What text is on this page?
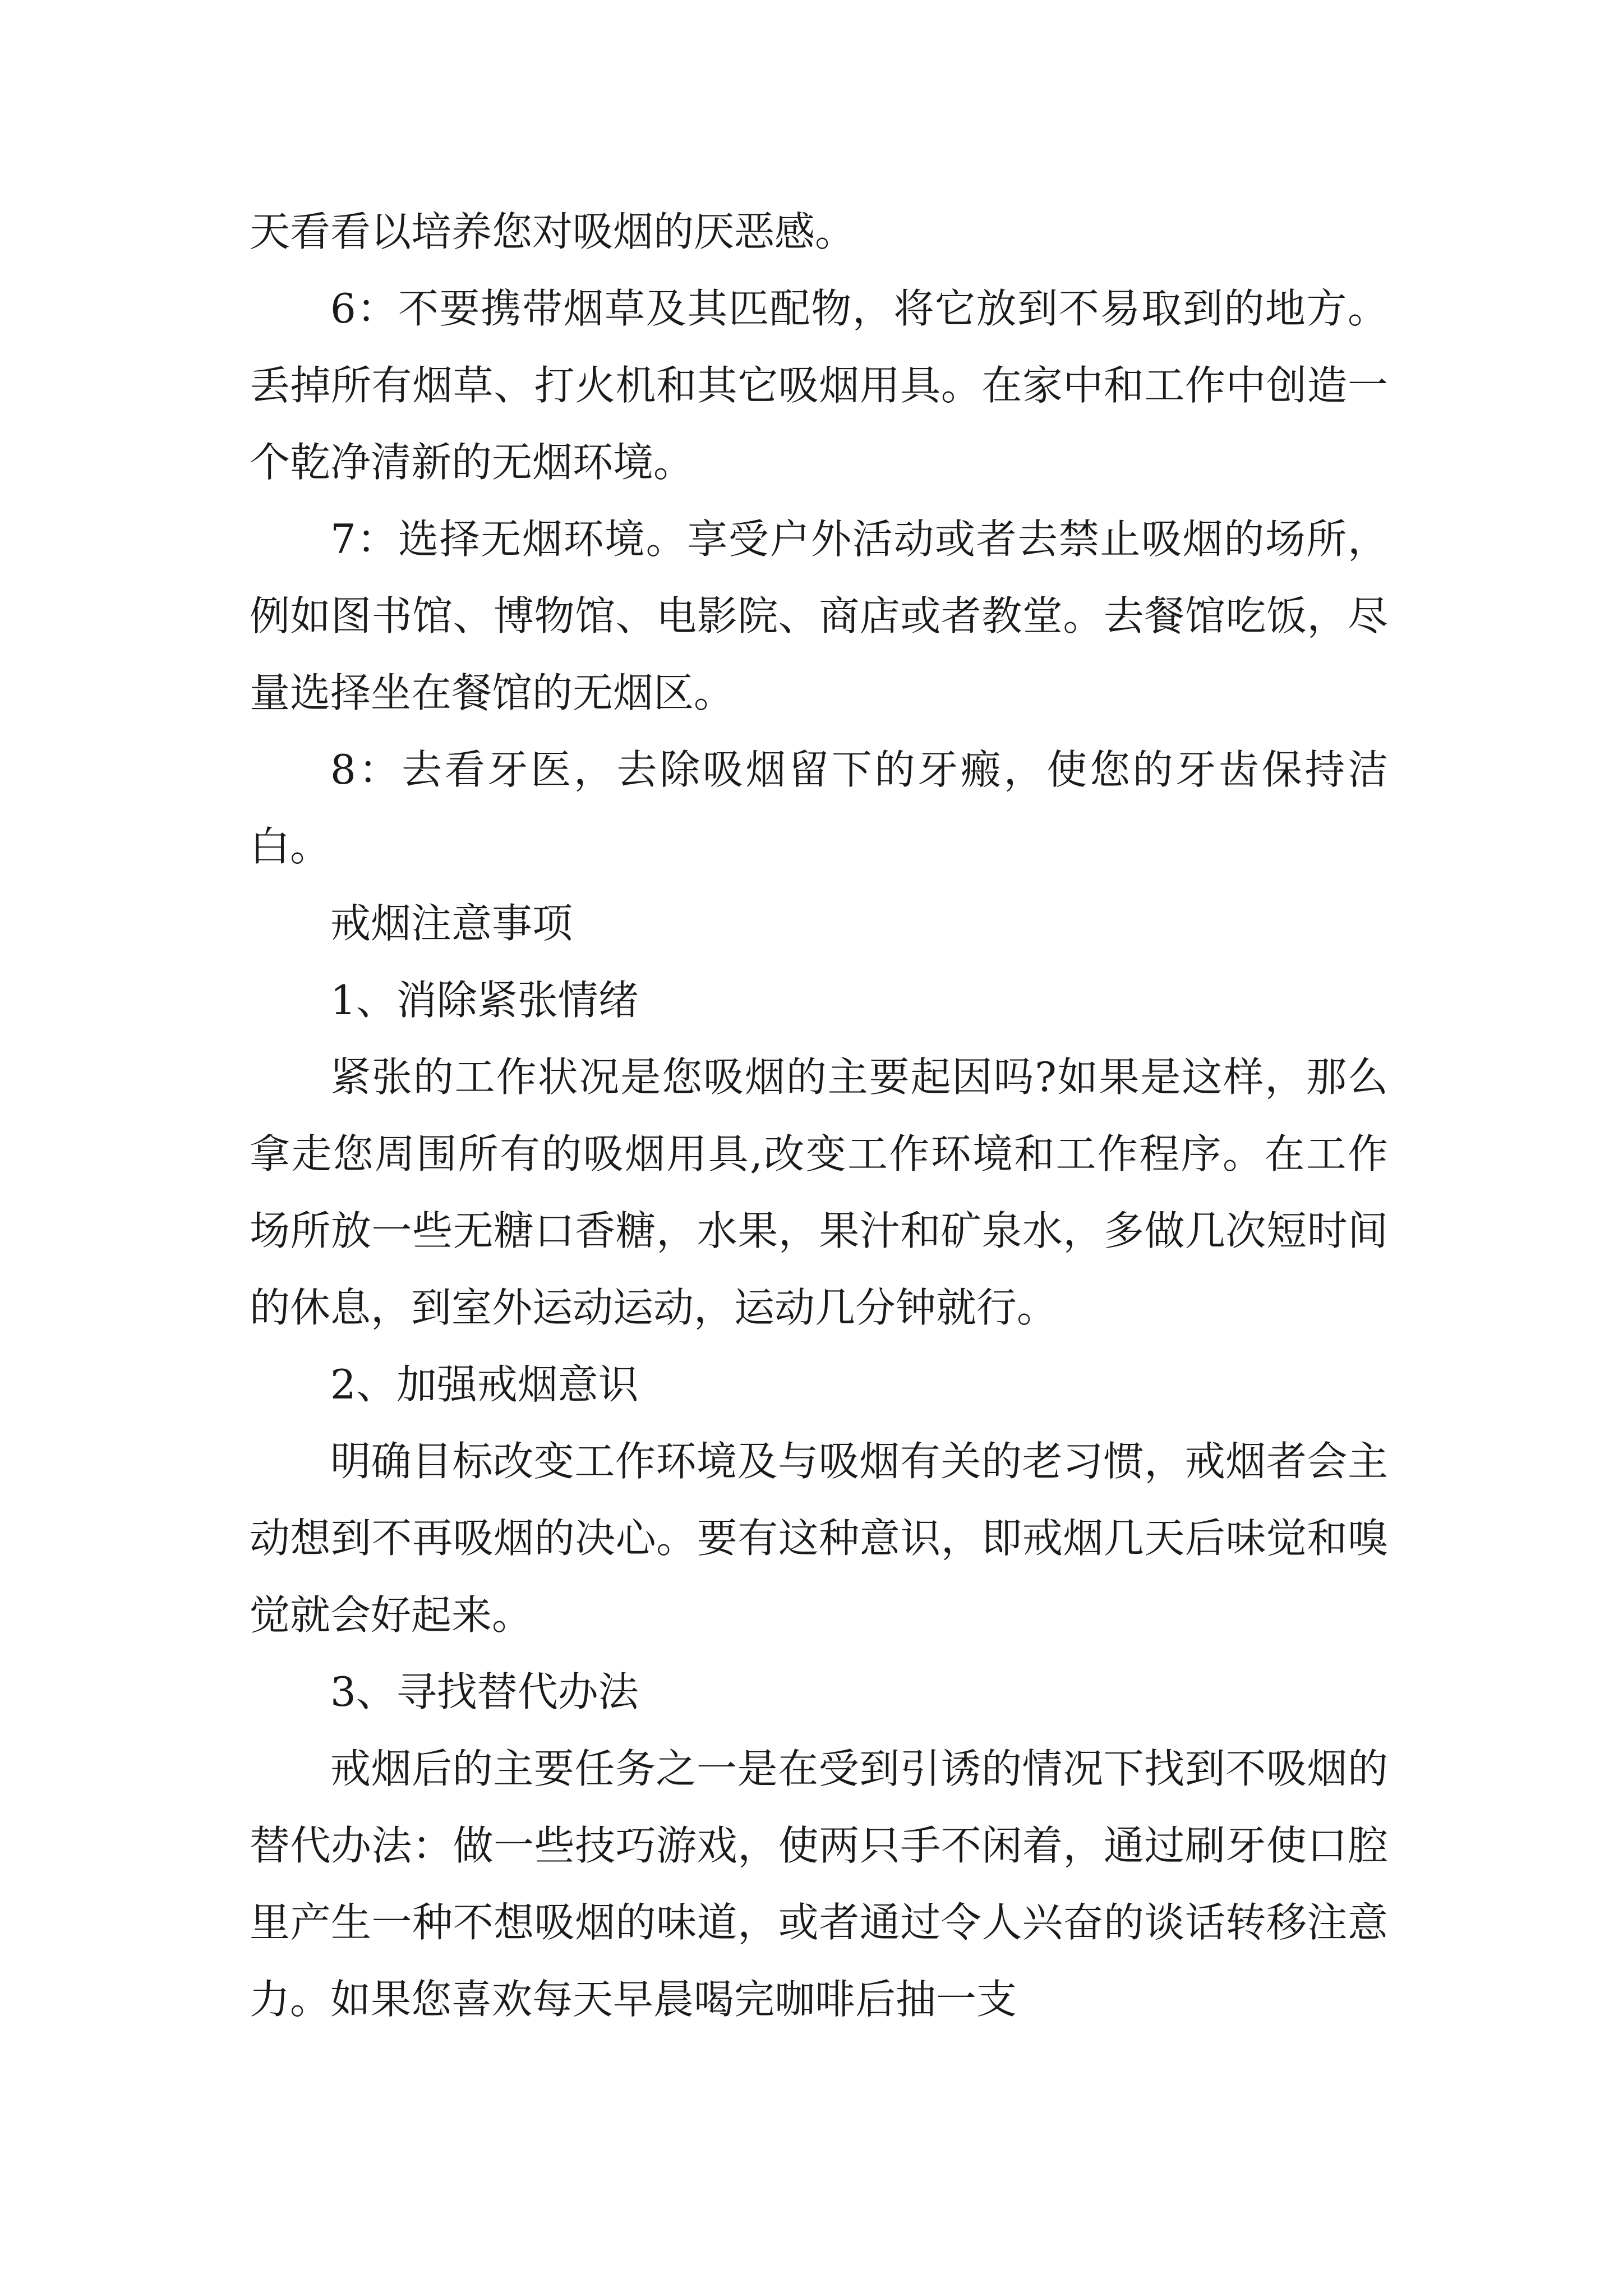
天看看以培养您对吸烟的厌恶感。

6：不要携带烟草及其匹配物，将它放到不易取到的地方。丢掉所有烟草、打火机和其它吸烟用具。在家中和工作中创造一个乾净清新的无烟环境。

7：选择无烟环境。享受户外活动或者去禁止吸烟的场所，例如图书馆、博物馆、电影院、商店或者教堂。去餐馆吃饭，尽量选择坐在餐馆的无烟区。

8：去看牙医，去除吸烟留下的牙瘢，使您的牙齿保持洁白。

戒烟注意事项

1、消除紧张情绪

紧张的工作状况是您吸烟的主要起因吗?如果是这样，那么拿走您周围所有的吸烟用具,改变工作环境和工作程序。在工作场所放一些无糖口香糖，水果，果汁和矿泉水，多做几次短时间的休息，到室外运动运动，运动几分钟就行。

2、加强戒烟意识

明确目标改变工作环境及与吸烟有关的老习惯，戒烟者会主动想到不再吸烟的决心。要有这种意识，即戒烟几天后味觉和嗅觉就会好起来。

3、寻找替代办法

戒烟后的主要任务之一是在受到引诱的情况下找到不吸烟的替代办法：做一些技巧游戏，使两只手不闲着，通过刷牙使口腔里产生一种不想吸烟的味道，或者通过令人兴奋的谈话转移注意力。如果您喜欢每天早晨喝完咖啡后抽一支
